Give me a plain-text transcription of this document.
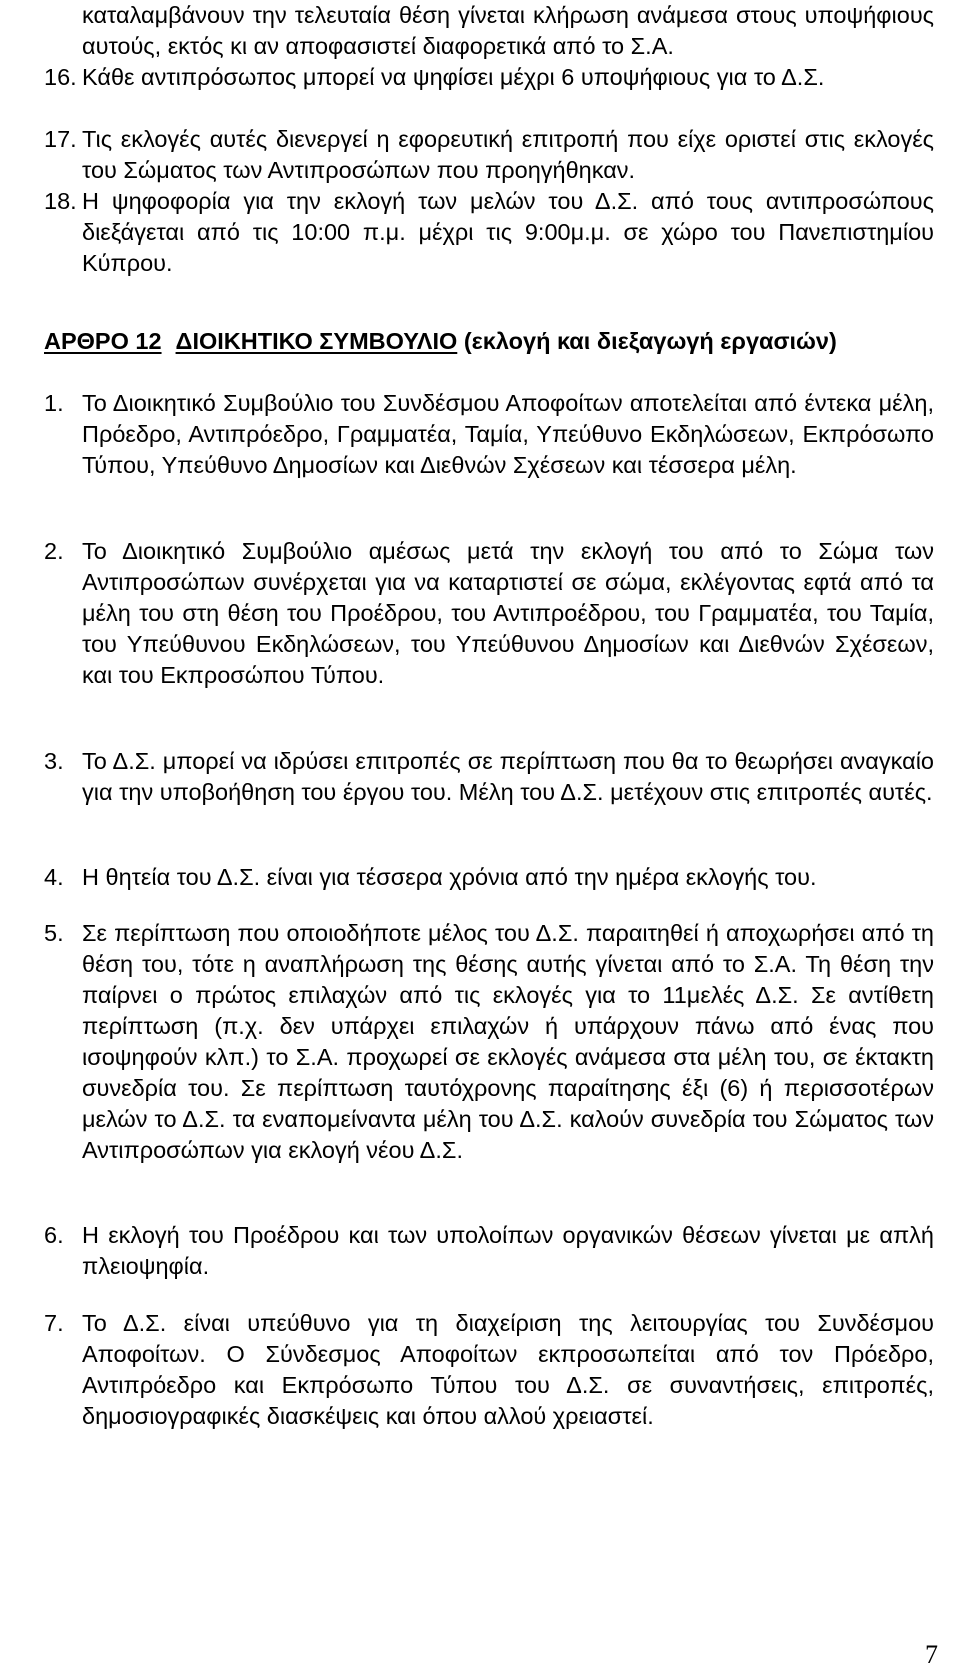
καταλαμβάνουν την τελευταία θέση γίνεται κλήρωση ανάμεσα στους υποψήφιους αυτούς, εκτός κι αν αποφασιστεί διαφορετικά από το Σ.Α.

16. Κάθε αντιπρόσωπος μπορεί να ψηφίσει μέχρι 6 υποψήφιους για το Δ.Σ.
17. Τις εκλογές αυτές διενεργεί η εφορευτική επιτροπή που είχε οριστεί στις εκλογές του Σώματος των Αντιπροσώπων που προηγήθηκαν.
18. Η ψηφοφορία για την εκλογή των μελών του Δ.Σ. από τους αντιπροσώπους διεξάγεται από τις 10:00 π.μ. μέχρι τις 9:00μ.μ. σε χώρο του Πανεπιστημίου Κύπρου.

ΑΡΘΡΟ 12 ΔΙΟΙΚΗΤΙΚΟ ΣΥΜΒΟΥΛΙΟ (εκλογή και διεξαγωγή εργασιών)

1. Το Διοικητικό Συμβούλιο του Συνδέσμου Αποφοίτων αποτελείται από έντεκα μέλη, Πρόεδρο, Αντιπρόεδρο, Γραμματέα, Ταμία, Υπεύθυνο Εκδηλώσεων, Εκπρόσωπο Τύπου, Υπεύθυνο Δημοσίων και Διεθνών Σχέσεων και τέσσερα μέλη.
2. Το Διοικητικό Συμβούλιο αμέσως μετά την εκλογή του από το Σώμα των Αντιπροσώπων συνέρχεται για να καταρτιστεί σε σώμα, εκλέγοντας εφτά από τα μέλη του στη θέση του Προέδρου, του Αντιπροέδρου, του Γραμματέα, του Ταμία, του Υπεύθυνου Εκδηλώσεων, του Υπεύθυνου Δημοσίων και Διεθνών Σχέσεων, και του Εκπροσώπου Τύπου.
3. Το Δ.Σ. μπορεί να ιδρύσει επιτροπές σε περίπτωση που θα το θεωρήσει αναγκαίο για την υποβοήθηση του έργου του. Μέλη του Δ.Σ. μετέχουν στις επιτροπές αυτές.
4. Η θητεία του Δ.Σ. είναι για τέσσερα χρόνια από την ημέρα εκλογής του.
5. Σε περίπτωση που οποιοδήποτε μέλος του Δ.Σ. παραιτηθεί ή αποχωρήσει από τη θέση του, τότε η αναπλήρωση της θέσης αυτής γίνεται από το Σ.Α. Τη θέση την παίρνει ο πρώτος επιλαχών από τις εκλογές για το 11μελές Δ.Σ. Σε αντίθετη περίπτωση (π.χ. δεν υπάρχει επιλαχών ή υπάρχουν πάνω από ένας που ισοψηφούν κλπ.) το Σ.Α. προχωρεί σε εκλογές ανάμεσα στα μέλη του, σε έκτακτη συνεδρία του. Σε περίπτωση ταυτόχρονης παραίτησης έξι (6) ή περισσοτέρων μελών το Δ.Σ. τα εναπομείναντα μέλη του Δ.Σ. καλούν συνεδρία του Σώματος των Αντιπροσώπων για εκλογή νέου Δ.Σ.
6. Η εκλογή του Προέδρου και των υπολοίπων οργανικών θέσεων γίνεται με απλή πλειοψηφία.
7. Το Δ.Σ. είναι υπεύθυνο για τη διαχείριση της λειτουργίας του Συνδέσμου Αποφοίτων. Ο Σύνδεσμος Αποφοίτων εκπροσωπείται από τον Πρόεδρο, Αντιπρόεδρο και Εκπρόσωπο Τύπου του Δ.Σ. σε συναντήσεις, επιτροπές, δημοσιογραφικές διασκέψεις και όπου αλλού χρειαστεί.
7
